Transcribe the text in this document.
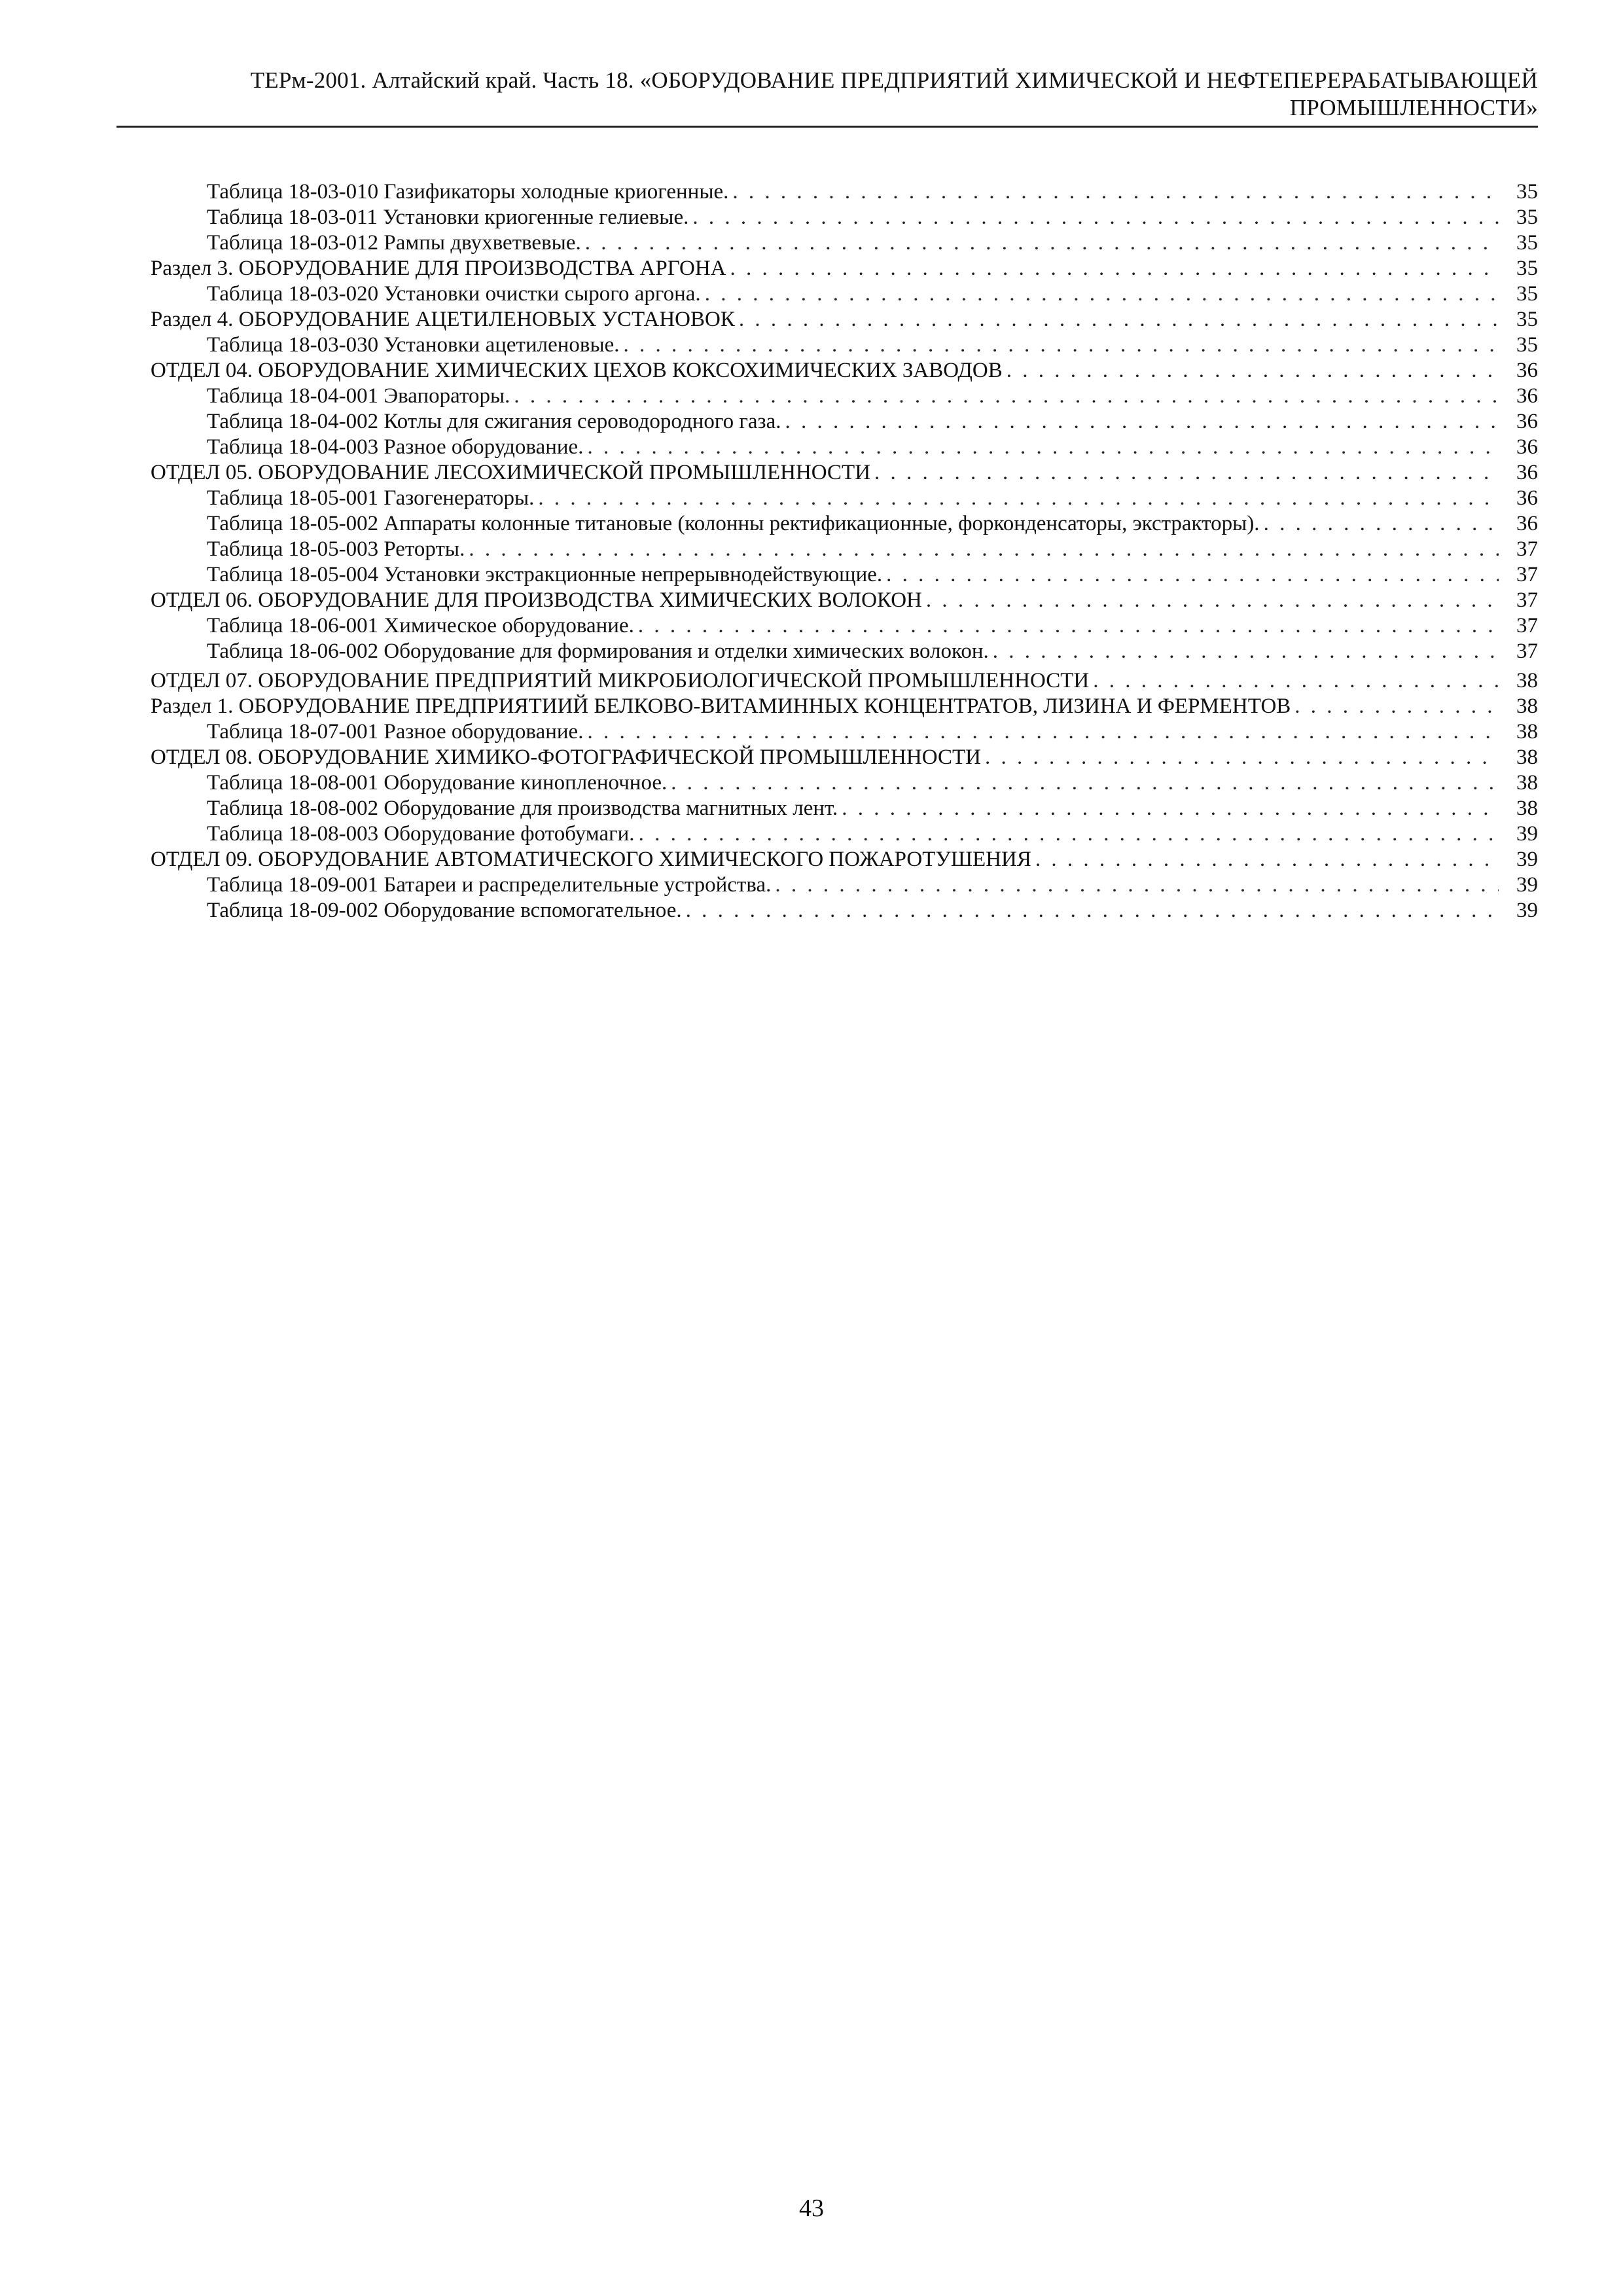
ТЕРм-2001. Алтайский край. Часть 18. «ОБОРУДОВАНИЕ ПРЕДПРИЯТИЙ ХИМИЧЕСКОЙ И НЕФТЕПЕРЕРАБАТЫВАЮЩЕЙ
ПРОМЫШЛЕННОСТИ»
Таблица 18-03-010 Газификаторы холодные криогенные. . . .	35
Таблица 18-03-011 Установки криогенные гелиевые. . . .	35
Таблица 18-03-012 Рампы двухветвевые. . . .	35
Раздел 3. ОБОРУДОВАНИЕ ДЛЯ ПРОИЗВОДСТВА АРГОНА . . .	35
Таблица 18-03-020 Установки очистки сырого аргона. . . .	35
Раздел 4. ОБОРУДОВАНИЕ АЦЕТИЛЕНОВЫХ УСТАНОВОК . . .	35
Таблица 18-03-030 Установки ацетиленовые. . . .	35
ОТДЕЛ 04. ОБОРУДОВАНИЕ ХИМИЧЕСКИХ ЦЕХОВ КОКСОХИМИЧЕСКИХ ЗАВОДОВ . . .	36
Таблица 18-04-001 Эвапораторы. . . .	36
Таблица 18-04-002 Котлы для сжигания сероводородного газа. . . .	36
Таблица 18-04-003 Разное оборудование. . . .	36
ОТДЕЛ 05. ОБОРУДОВАНИЕ ЛЕСОХИМИЧЕСКОЙ ПРОМЫШЛЕННОСТИ . . .	36
Таблица 18-05-001 Газогенераторы. . . .	36
Таблица 18-05-002 Аппараты колонные титановые (колонны ректификационные, форконденсаторы, экстракторы). . . .	36
Таблица 18-05-003 Реторты. . . .	37
Таблица 18-05-004 Установки экстракционные непрерывнодействующие. . . .	37
ОТДЕЛ 06. ОБОРУДОВАНИЕ ДЛЯ ПРОИЗВОДСТВА ХИМИЧЕСКИХ ВОЛОКОН . . .	37
Таблица 18-06-001 Химическое оборудование. . . .	37
Таблица 18-06-002 Оборудование для формирования и отделки химических волокон. . . .	37
ОТДЕЛ 07. ОБОРУДОВАНИЕ ПРЕДПРИЯТИЙ МИКРОБИОЛОГИЧЕСКОЙ ПРОМЫШЛЕННОСТИ . . .	38
Раздел 1. ОБОРУДОВАНИЕ ПРЕДПРИЯТИИЙ БЕЛКОВО-ВИТАМИННЫХ КОНЦЕНТРАТОВ, ЛИЗИНА И ФЕРМЕНТОВ . . .	38
Таблица 18-07-001 Разное оборудование. . . .	38
ОТДЕЛ 08. ОБОРУДОВАНИЕ ХИМИКО-ФОТОГРАФИЧЕСКОЙ ПРОМЫШЛЕННОСТИ . . .	38
Таблица 18-08-001 Оборудование кинопленочное. . . .	38
Таблица 18-08-002 Оборудование для производства магнитных лент. . . .	38
Таблица 18-08-003 Оборудование фотобумаги. . . .	39
ОТДЕЛ 09. ОБОРУДОВАНИЕ АВТОМАТИЧЕСКОГО ХИМИЧЕСКОГО ПОЖАРОТУШЕНИЯ . . .	39
Таблица 18-09-001 Батареи и распределительные устройства. . . .	39
Таблица 18-09-002 Оборудование вспомогательное. . . .	39
43
